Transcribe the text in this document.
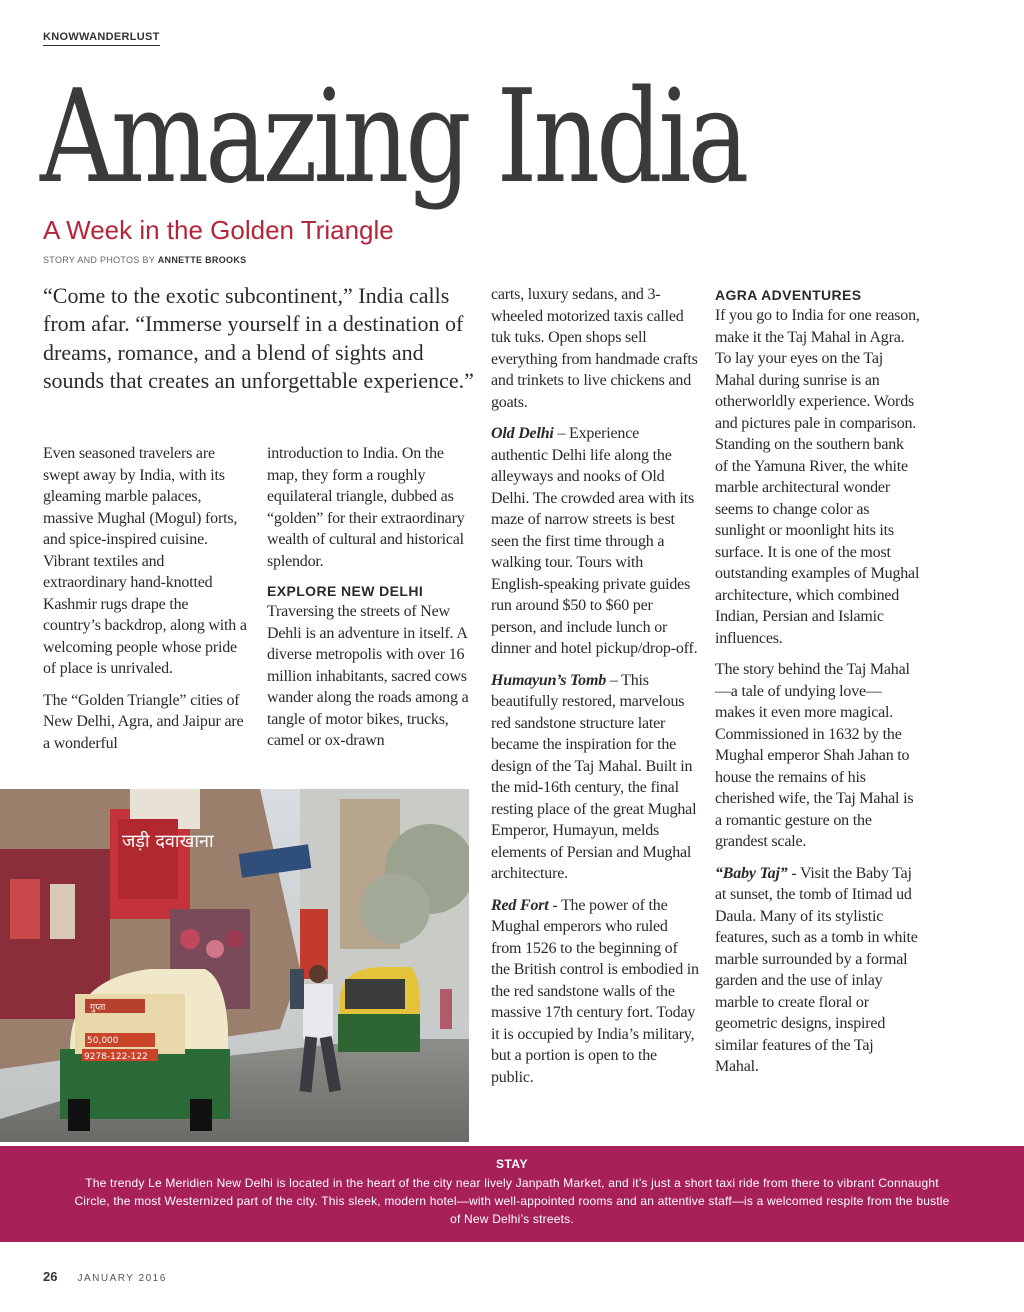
KNOWWANDERLUST
Amazing India
A Week in the Golden Triangle
STORY AND PHOTOS BY ANNETTE BROOKS
“Come to the exotic subcontinent,” India calls from afar. “Immerse yourself in a destination of dreams, romance, and a blend of sights and sounds that creates an unforgettable experience.”

Even seasoned travelers are swept away by India, with its gleaming marble palaces, massive Mughal (Mogul) forts, and spice-inspired cuisine. Vibrant textiles and extraordinary hand-knotted Kashmir rugs drape the country’s backdrop, along with a welcoming people whose pride of place is unrivaled.

The “Golden Triangle” cities of New Delhi, Agra, and Jaipur are a wonderful

introduction to India. On the map, they form a roughly equilateral triangle, dubbed as “golden” for their extraordinary wealth of cultural and historical splendor.

EXPLORE NEW DELHI

Traversing the streets of New Dehli is an adventure in itself. A diverse metropolis with over 16 million inhabitants, sacred cows wander along the roads among a tangle of motor bikes, trucks, camel or ox-drawn

carts, luxury sedans, and 3-wheeled motorized taxis called tuk tuks. Open shops sell everything from handmade crafts and trinkets to live chickens and goats.

Old Delhi – Experience authentic Delhi life along the alleyways and nooks of Old Delhi. The crowded area with its maze of narrow streets is best seen the first time through a walking tour. Tours with English-speaking private guides run around $50 to $60 per person, and include lunch or dinner and hotel pickup/drop-off.

Humayun’s Tomb – This beautifully restored, marvelous red sandstone structure later became the inspiration for the design of the Taj Mahal. Built in the mid-16th century, the final resting place of the great Mughal Emperor, Humayun, melds elements of Persian and Mughal architecture.

Red Fort - The power of the Mughal emperors who ruled from 1526 to the beginning of the British control is embodied in the red sandstone walls of the massive 17th century fort. Today it is occupied by India’s military, but a portion is open to the public.

AGRA ADVENTURES

If you go to India for one reason, make it the Taj Mahal in Agra. To lay your eyes on the Taj Mahal during sunrise is an otherworldly experience. Words and pictures pale in comparison. Standing on the southern bank of the Yamuna River, the white marble architectural wonder seems to change color as sunlight or moonlight hits its surface. It is one of the most outstanding examples of Mughal architecture, which combined Indian, Persian and Islamic influences.

The story behind the Taj Mahal—a tale of undying love—makes it even more magical. Commissioned in 1632 by the Mughal emperor Shah Jahan to house the remains of his cherished wife, the Taj Mahal is a romantic gesture on the grandest scale.

“Baby Taj” - Visit the Baby Taj at sunset, the tomb of Itimad ud Daula. Many of its stylistic features, such as a tomb in white marble surrounded by a formal garden and the use of inlay marble to create floral or geometric designs, inspired similar features of the Taj Mahal.

जड़ी दवाखाना
गुप्ता
50,000
9278-122-122
STAY
The trendy Le Meridien New Delhi is located in the heart of the city near lively Janpath Market, and it’s just a short taxi ride from there to vibrant Connaught Circle, the most Westernized part of the city. This sleek, modern hotel—with well-appointed rooms and an attentive staff—is a welcomed respite from the bustle of New Delhi’s streets.
26 JANUARY 2016
